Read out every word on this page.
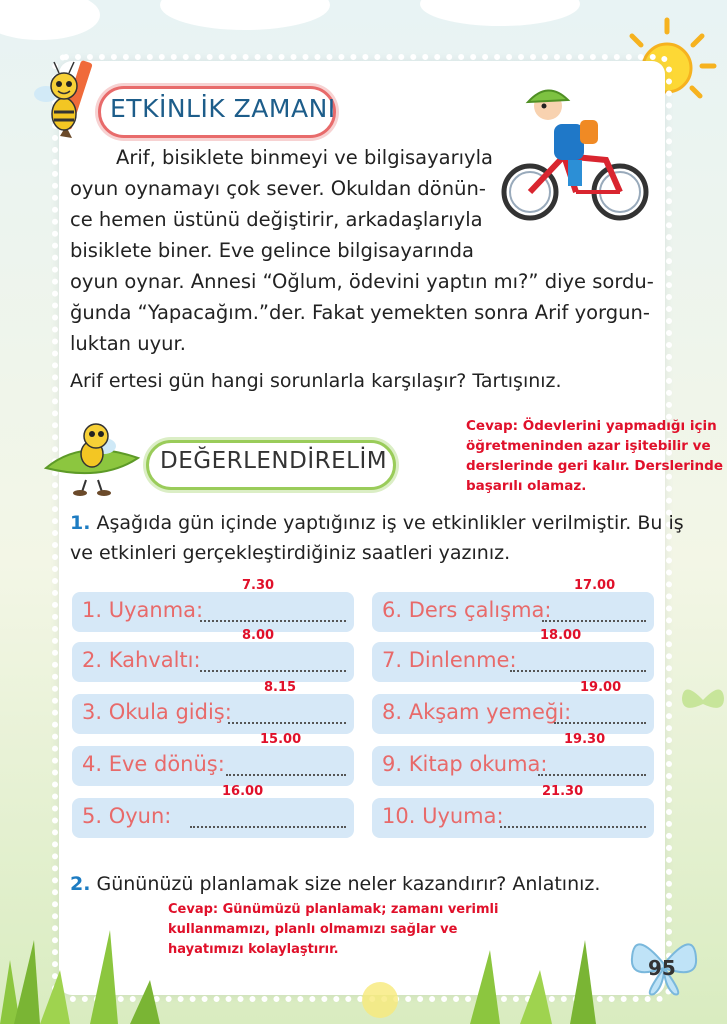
ETKİNLİK ZAMANI
Arif, bisiklete binmeyi ve bilgisayarıyla
oyun oynamayı çok sever. Okuldan dönün-
ce hemen üstünü değiştirir, arkadaşlarıyla
bisiklete biner. Eve gelince bilgisayarında
oyun oynar. Annesi “Oğlum, ödevini yaptın mı?” diye sordu-
ğunda “Yapacağım.”der. Fakat yemekten sonra Arif yorgun-
luktan uyur.
Arif ertesi gün hangi sorunlarla karşılaşır? Tartışınız.
Cevap: Ödevlerini yapmadığı için
öğretmeninden azar işitebilir ve
derslerinde geri kalır. Derslerinde
başarılı olamaz.
DEĞERLENDİRELİM
1. Aşağıda gün içinde yaptığınız iş ve etkinlikler verilmiştir. Bu iş
ve etkinleri gerçekleştirdiğiniz saatleri yazınız.
1. Uyanma:
7.30
2. Kahvaltı:
8.00
3. Okula gidiş:
8.15
4. Eve dönüş:
15.00
5. Oyun:
16.00
6. Ders çalışma:
17.00
7. Dinlenme:
18.00
8. Akşam yemeği:
19.00
9. Kitap okuma:
19.30
10. Uyuma:
21.30
2. Gününüzü planlamak size neler kazandırır? Anlatınız.
Cevap: Günümüzü planlamak; zamanı verimli
kullanmamızı, planlı olmamızı sağlar ve
hayatımızı kolaylaştırır.
95
